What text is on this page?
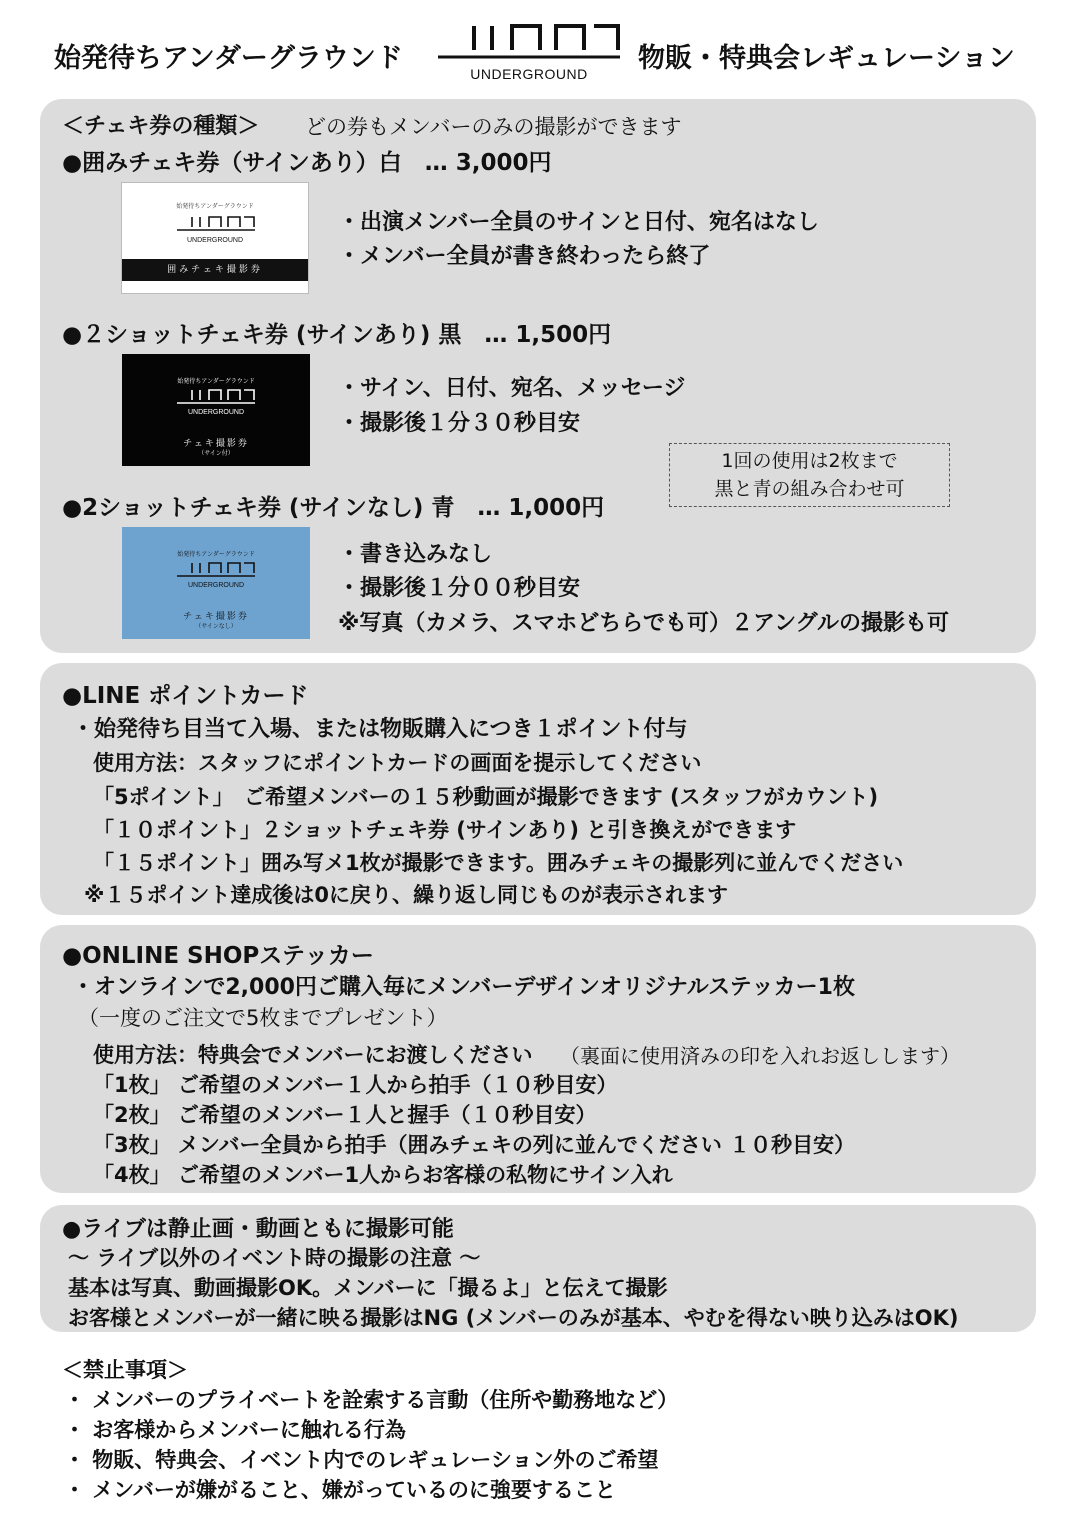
始発待ちアンダーグラウンド	UNDERGROUND	物販・特典会レギュレーション
＜チェキ券の種類＞ どの券もメンバーのみの撮影ができます
●囲みチェキ券（サインあり）白　… 3,000円
始発待ちアンダーグラウンド
UNDERGROUND
囲みチェキ撮影券
・出演メンバー全員のサインと日付、宛名はなし
・メンバー全員が書き終わったら終了
●２ショットチェキ券 (サインあり) 黒　… 1,500円
始発待ちアンダーグラウンド
UNDERGROUND
チェキ撮影券
（サイン付）
・サイン、日付、宛名、メッセージ
・撮影後１分３０秒目安
1回の使用は2枚まで
黒と青の組み合わせ可
●2ショットチェキ券 (サインなし) 青　… 1,000円
始発待ちアンダーグラウンド
UNDERGROUND
チェキ撮影券
（サインなし）
・書き込みなし
・撮影後１分００秒目安
※写真（カメラ、スマホどちらでも可）２アングルの撮影も可
●LINE ポイントカード
・始発待ち目当て入場、または物販購入につき１ポイント付与
使用方法：スタッフにポイントカードの画面を提示してください
「5ポイント」　ご希望メンバーの１５秒動画が撮影できます (スタッフがカウント)
「１０ポイント」２ショットチェキ券 (サインあり) と引き換えができます
「１５ポイント」囲み写メ1枚が撮影できます。囲みチェキの撮影列に並んでください
※１５ポイント達成後は0に戻り、繰り返し同じものが表示されます
●ONLINE SHOPステッカー
・オンラインで2,000円ご購入毎にメンバーデザインオリジナルステッカー1枚
（一度のご注文で5枚までプレゼント）
使用方法：特典会でメンバーにお渡しください （裏面に使用済みの印を入れお返しします）
「1枚」 ご希望のメンバー１人から拍手（１０秒目安）
「2枚」 ご希望のメンバー１人と握手（１０秒目安）
「3枚」 メンバー全員から拍手（囲みチェキの列に並んでください １０秒目安）
「4枚」 ご希望のメンバー1人からお客様の私物にサイン入れ
●ライブは静止画・動画ともに撮影可能
〜 ライブ以外のイベント時の撮影の注意 〜
基本は写真、動画撮影OK。メンバーに「撮るよ」と伝えて撮影
お客様とメンバーが一緒に映る撮影はNG (メンバーのみが基本、やむを得ない映り込みはOK)
＜禁止事項＞
・ メンバーのプライベートを詮索する言動（住所や勤務地など）
・ お客様からメンバーに触れる行為
・ 物販、特典会、イベント内でのレギュレーション外のご希望
・ メンバーが嫌がること、嫌がっているのに強要すること
